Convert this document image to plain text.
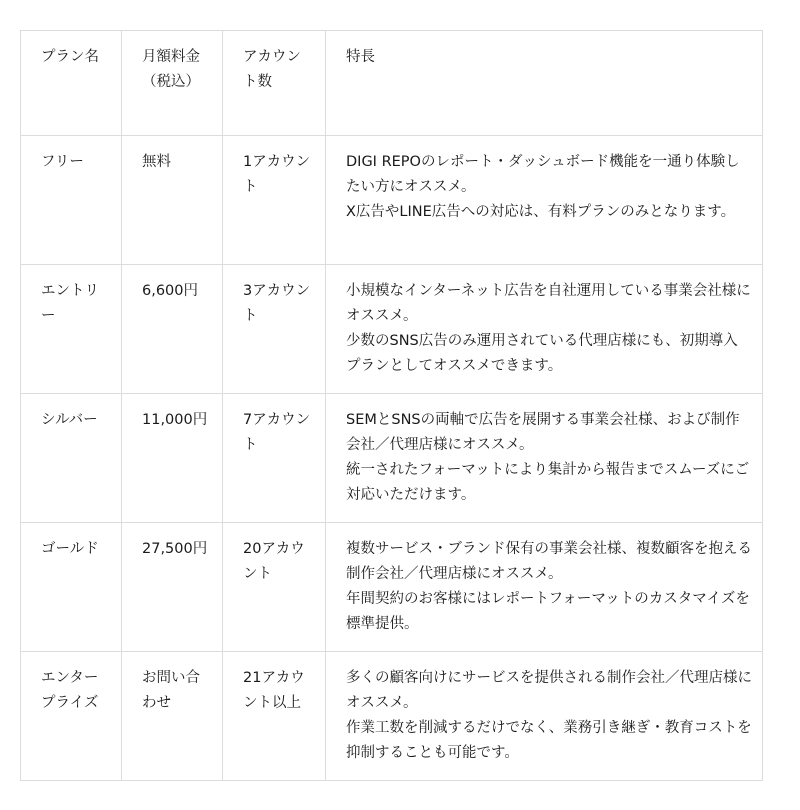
プラン名	月額料金（税込）	アカウント数	特長
フリー	無料	1アカウント	DIGI REPOのレポート・ダッシュボード機能を一通り体験したい方にオススメ。
X広告やLINE広告への対応は、有料プランのみとなります。

エントリー	6,600円	3アカウント	小規模なインターネット広告を自社運用している事業会社様にオススメ。
少数のSNS広告のみ運用されている代理店様にも、初期導入プランとしてオススメできます。

シルバー	11,000円	7アカウント	SEMとSNSの両軸で広告を展開する事業会社様、および制作会社／代理店様にオススメ。
統一されたフォーマットにより集計から報告までスムーズにご対応いただけます。

ゴールド	27,500円	20アカウント	複数サービス・ブランド保有の事業会社様、複数顧客を抱える制作会社／代理店様にオススメ。
年間契約のお客様にはレポートフォーマットのカスタマイズを標準提供。

エンタープライズ	お問い合わせ	21アカウント以上	多くの顧客向けにサービスを提供される制作会社／代理店様にオススメ。
作業工数を削減するだけでなく、業務引き継ぎ・教育コストを抑制することも可能です。
